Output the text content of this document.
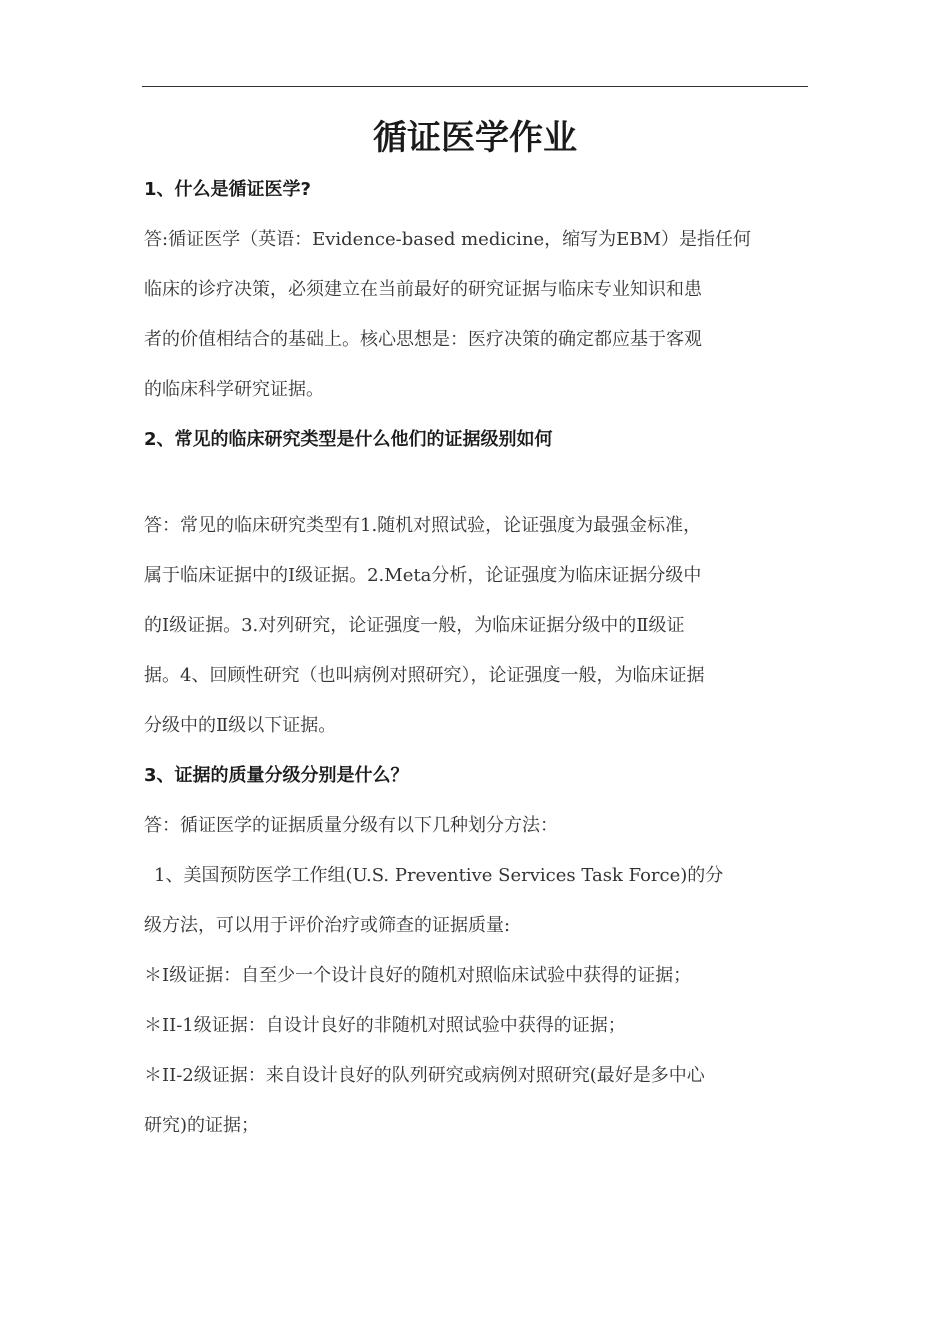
循证医学作业

1、什么是循证医学?

答:循证医学（英语：Evidence-based medicine，缩写为EBM）是指任何
临床的诊疗决策，必须建立在当前最好的研究证据与临床专业知识和患
者的价值相结合的基础上。核心思想是：医疗决策的确定都应基于客观
的临床科学研究证据。

2、常见的临床研究类型是什么他们的证据级别如何

答：常见的临床研究类型有1.随机对照试验，论证强度为最强金标准，
属于临床证据中的Ⅰ级证据。2.Meta分析，论证强度为临床证据分级中
的Ⅰ级证据。3.对列研究，论证强度一般，为临床证据分级中的Ⅱ级证
据。4、回顾性研究（也叫病例对照研究），论证强度一般，为临床证据
分级中的Ⅱ级以下证据。

3、证据的质量分级分别是什么？

答：循证医学的证据质量分级有以下几种划分方法：
1、美国预防医学工作组(U.S. Preventive Services Task Force)的分
级方法，可以用于评价治疗或筛查的证据质量:
＊Ⅰ级证据：自至少一个设计良好的随机对照临床试验中获得的证据；
＊II-1级证据：自设计良好的非随机对照试验中获得的证据；
＊II-2级证据：来自设计良好的队列研究或病例对照研究(最好是多中心
研究)的证据；
